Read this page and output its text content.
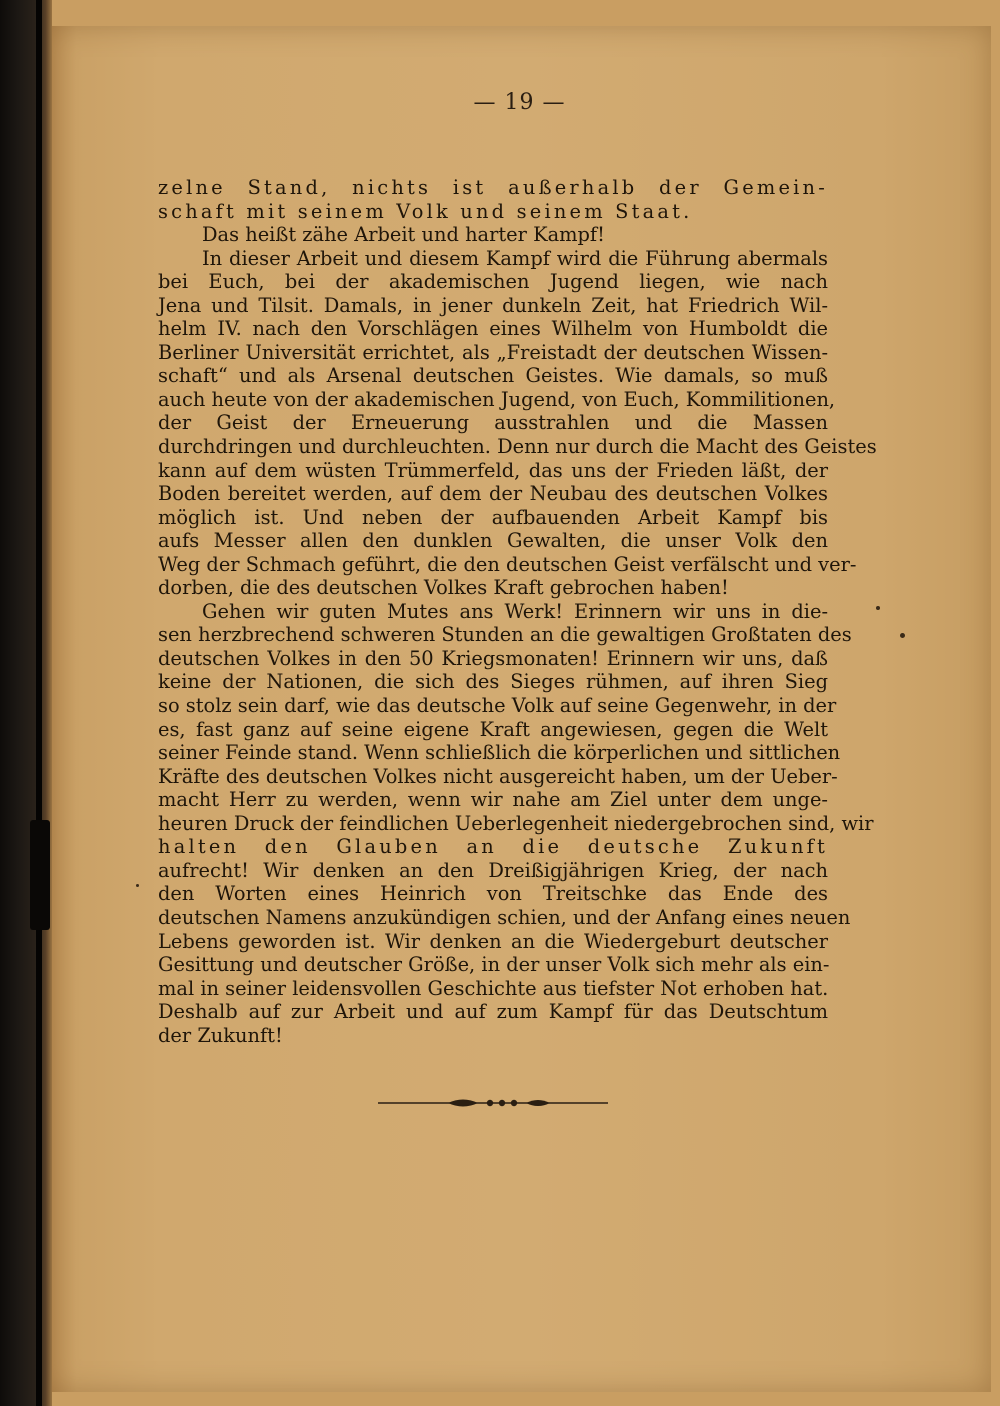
— 19 —
zelne Stand, nichts ist außerhalb der Gemein-
schaft mit seinem Volk und seinem Staat.
Das heißt zähe Arbeit und harter Kampf!
In dieser Arbeit und diesem Kampf wird die Führung abermals
bei Euch, bei der akademischen Jugend liegen, wie nach
Jena und Tilsit. Damals, in jener dunkeln Zeit, hat Friedrich Wil-
helm IV. nach den Vorschlägen eines Wilhelm von Humboldt die
Berliner Universität errichtet, als „Freistadt der deutschen Wissen-
schaft“ und als Arsenal deutschen Geistes. Wie damals, so muß
auch heute von der akademischen Jugend, von Euch, Kommilitionen,
der Geist der Erneuerung ausstrahlen und die Massen
durchdringen und durchleuchten. Denn nur durch die Macht des Geistes
kann auf dem wüsten Trümmerfeld, das uns der Frieden läßt, der
Boden bereitet werden, auf dem der Neubau des deutschen Volkes
möglich ist. Und neben der aufbauenden Arbeit Kampf bis
aufs Messer allen den dunklen Gewalten, die unser Volk den
Weg der Schmach geführt, die den deutschen Geist verfälscht und ver-
dorben, die des deutschen Volkes Kraft gebrochen haben!
Gehen wir guten Mutes ans Werk! Erinnern wir uns in die-
sen herzbrechend schweren Stunden an die gewaltigen Großtaten des
deutschen Volkes in den 50 Kriegsmonaten! Erinnern wir uns, daß
keine der Nationen, die sich des Sieges rühmen, auf ihren Sieg
so stolz sein darf, wie das deutsche Volk auf seine Gegenwehr, in der
es, fast ganz auf seine eigene Kraft angewiesen, gegen die Welt
seiner Feinde stand. Wenn schließlich die körperlichen und sittlichen
Kräfte des deutschen Volkes nicht ausgereicht haben, um der Ueber-
macht Herr zu werden, wenn wir nahe am Ziel unter dem unge-
heuren Druck der feindlichen Ueberlegenheit niedergebrochen sind, wir
halten den Glauben an die deutsche Zukunft
aufrecht! Wir denken an den Dreißigjährigen Krieg, der nach
den Worten eines Heinrich von Treitschke das Ende des
deutschen Namens anzukündigen schien, und der Anfang eines neuen
Lebens geworden ist. Wir denken an die Wiedergeburt deutscher
Gesittung und deutscher Größe, in der unser Volk sich mehr als ein-
mal in seiner leidensvollen Geschichte aus tiefster Not erhoben hat.
Deshalb auf zur Arbeit und auf zum Kampf für das Deutschtum
der Zukunft!
